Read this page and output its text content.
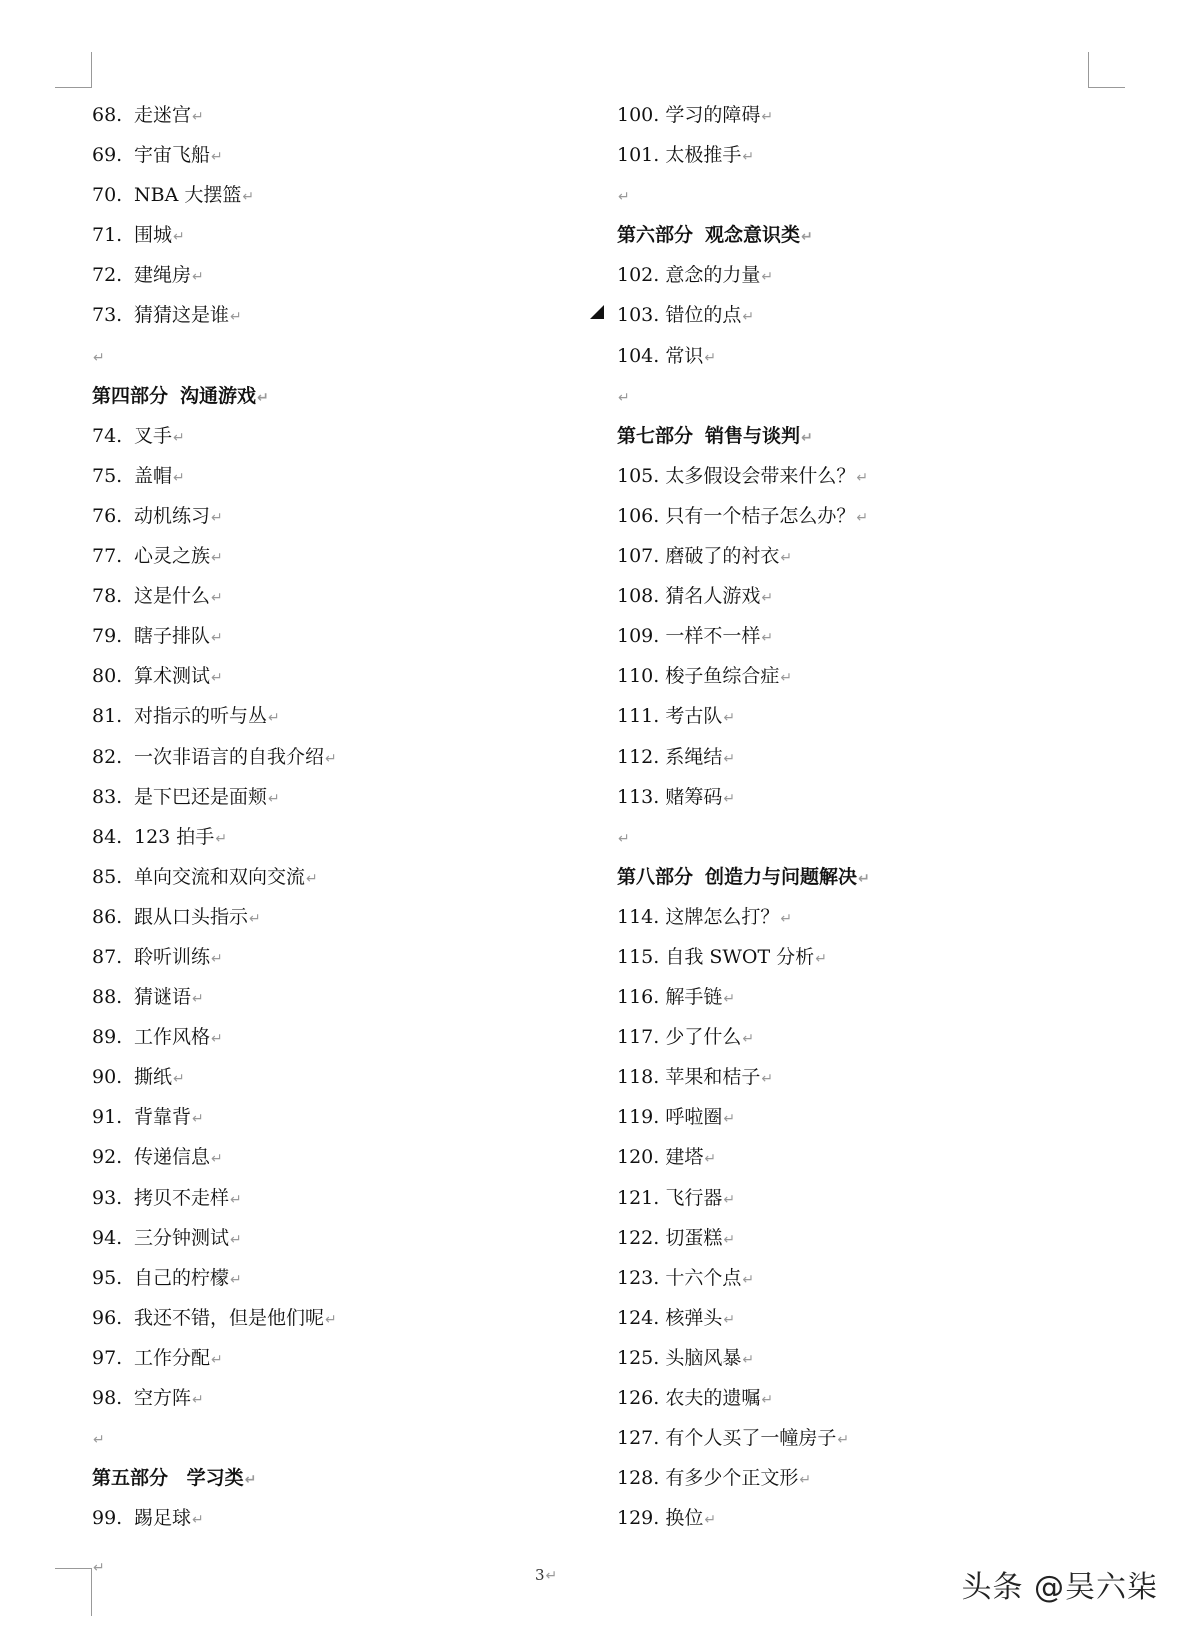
68. 走迷宫↵
69. 宇宙飞船↵
70. NBA 大摆篮↵
71. 围城↵
72. 建绳房↵
73. 猜猜这是谁↵
↵
第四部分 沟通游戏↵
74. 叉手↵
75. 盖帽↵
76. 动机练习↵
77. 心灵之族↵
78. 这是什么↵
79. 瞎子排队↵
80. 算术测试↵
81. 对指示的听与丛↵
82. 一次非语言的自我介绍↵
83. 是下巴还是面颊↵
84. 123 拍手↵
85. 单向交流和双向交流↵
86. 跟从口头指示↵
87. 聆听训练↵
88. 猜谜语↵
89. 工作风格↵
90. 撕纸↵
91. 背靠背↵
92. 传递信息↵
93. 拷贝不走样↵
94. 三分钟测试↵
95. 自己的柠檬↵
96. 我还不错，但是他们呢↵
97. 工作分配↵
98. 空方阵↵
↵
第五部分 学习类↵
99. 踢足球↵
100. 学习的障碍↵
101. 太极推手↵
↵
第六部分 观念意识类↵
102. 意念的力量↵
103. 错位的点↵
104. 常识↵
↵
第七部分 销售与谈判↵
105. 太多假设会带来什么？↵
106. 只有一个桔子怎么办？↵
107. 磨破了的衬衣↵
108. 猜名人游戏↵
109. 一样不一样↵
110. 梭子鱼综合症↵
111. 考古队↵
112. 系绳结↵
113. 赌筹码↵
↵
第八部分 创造力与问题解决↵
114. 这牌怎么打？↵
115. 自我 SWOT 分析↵
116. 解手链↵
117. 少了什么↵
118. 苹果和桔子↵
119. 呼啦圈↵
120. 建塔↵
121. 飞行器↵
122. 切蛋糕↵
123. 十六个点↵
124. 核弹头↵
125. 头脑风暴↵
126. 农夫的遗嘱↵
127. 有个人买了一幢房子↵
128. 有多少个正文形↵
129. 换位↵
3↵
↵
头条 @吴六柒
